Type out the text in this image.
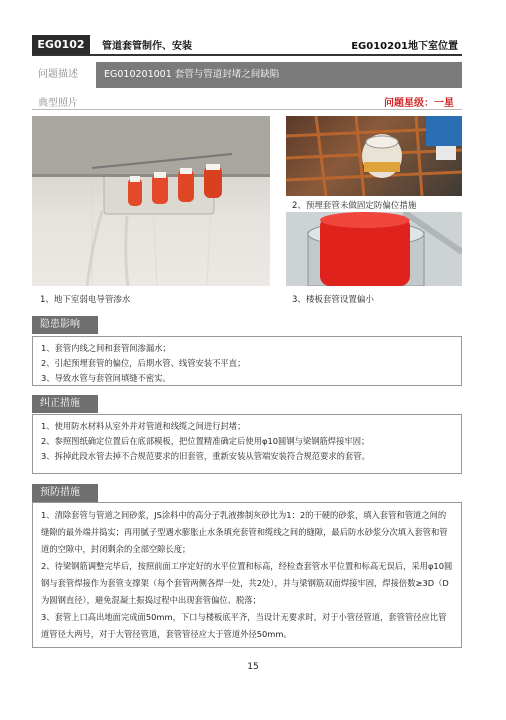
EG0102	管道套管制作、安装	EG010201地下室位置
问题描述	EG010201001 套管与管道封堵之间缺陷
典型照片	问题星级：一星
2、预埋套管未做固定防偏位措施
1、地下室弱电导管渗水	3、楼板套管设置偏小
隐患影响

1、套管内线之间和套管间渗漏水；

2、引起预埋套管的偏位，后期水管、线管安装不平直；

3、导致水管与套管间填缝不密实。

纠正措施

1、使用防水材料从室外并对管道和线缆之间进行封堵；

2、参照图纸确定位置后在底部模板，把位置精准确定后使用φ10圆钢与梁钢筋焊接牢固；

3、拆掉此段水管去掉不合规范要求的旧套管，重新安装从管端安装符合规范要求的套管。

预防措施

1、清除套管与管道之间砂浆，JS涂料中的高分子乳液掺制灰砂比为1：2的干硬的砂浆，填入套管和管道之间的缝隙的最外端并捣实；再用腻子型遇水膨胀止水条填充套管和缆线之间的缝隙，最后防水砂浆分次填入套管和管道的空隙中，封闭剩余的全部空隙长度；

2、待梁钢筋调整完毕后，按照前面工序定好的水平位置和标高，经检查套管水平位置和标高无误后，采用φ10圆钢与套管焊接作为套管支撑架（每个套管两侧各焊一处，共2处），并与梁钢筋双面焊接牢固，焊接倍数≥3D（D为圆钢直径），避免混凝土振捣过程中出现套管偏位、脱落；

3、套管上口高出地面完成面50mm，下口与楼板底平齐，当设计无要求时，对于小管径管道，套管管径应比管道管径大两号，对于大管径管道，套管管径应大于管道外径50mm。

15
